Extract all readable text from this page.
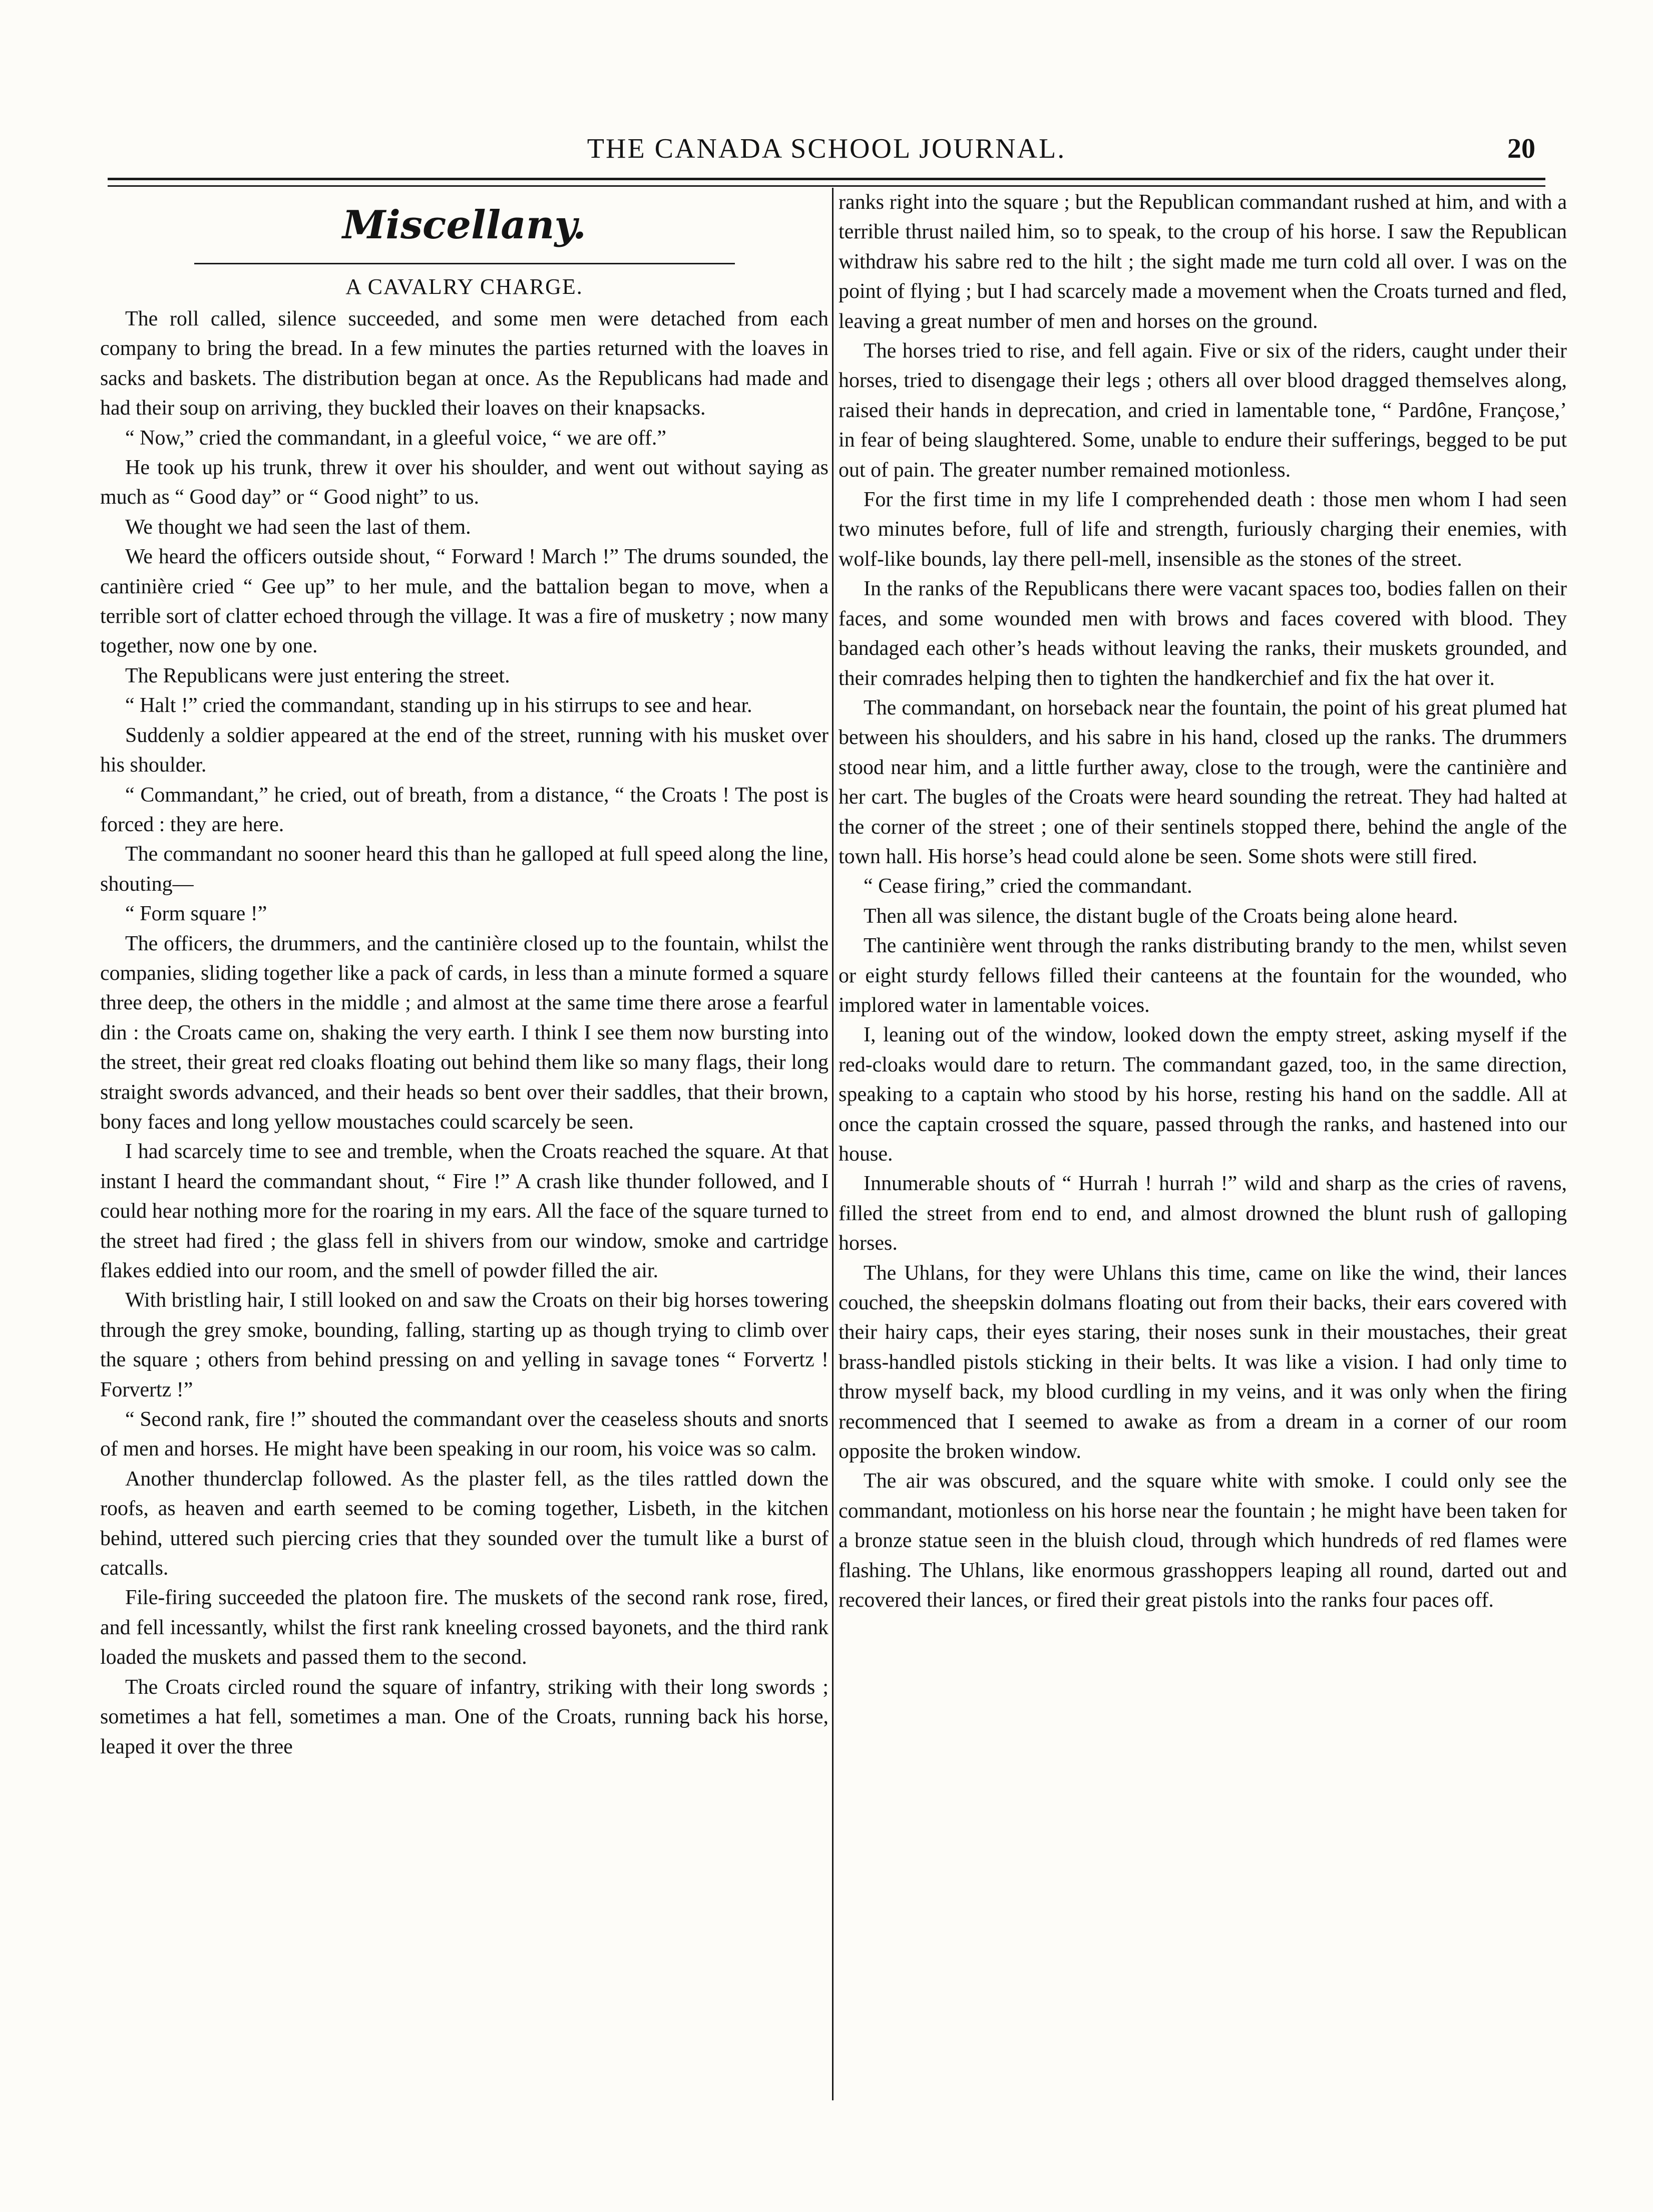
THE CANADA SCHOOL JOURNAL.	20
Miscellany.
A CAVALRY CHARGE.

The roll called, silence succeeded, and some men were detached from each company to bring the bread. In a few minutes the parties returned with the loaves in sacks and baskets. The distribution began at once. As the Republicans had made and had their soup on arriving, they buckled their loaves on their knapsacks.

“ Now,” cried the commandant, in a gleeful voice, “ we are off.”

He took up his trunk, threw it over his shoulder, and went out without saying as much as “ Good day” or “ Good night” to us.

We thought we had seen the last of them.

We heard the officers outside shout, “ Forward ! March !” The drums sounded, the cantinière cried “ Gee up” to her mule, and the battalion began to move, when a terrible sort of clatter echoed through the village. It was a fire of musketry ; now many together, now one by one.

The Republicans were just entering the street.

“ Halt !” cried the commandant, standing up in his stirrups to see and hear.

Suddenly a soldier appeared at the end of the street, running with his musket over his shoulder.

“ Commandant,” he cried, out of breath, from a distance, “ the Croats ! The post is forced : they are here.

The commandant no sooner heard this than he galloped at full speed along the line, shouting—

“ Form square !”

The officers, the drummers, and the cantinière closed up to the fountain, whilst the companies, sliding together like a pack of cards, in less than a minute formed a square three deep, the others in the middle ; and almost at the same time there arose a fearful din : the Croats came on, shaking the very earth. I think I see them now bursting into the street, their great red cloaks floating out behind them like so many flags, their long straight swords advanced, and their heads so bent over their saddles, that their brown, bony faces and long yellow moustaches could scarcely be seen.

I had scarcely time to see and tremble, when the Croats reached the square. At that instant I heard the commandant shout, “ Fire !” A crash like thunder followed, and I could hear nothing more for the roaring in my ears. All the face of the square turned to the street had fired ; the glass fell in shivers from our window, smoke and cartridge flakes eddied into our room, and the smell of powder filled the air.

With bristling hair, I still looked on and saw the Croats on their big horses towering through the grey smoke, bounding, falling, starting up as though trying to climb over the square ; others from behind pressing on and yelling in savage tones “ Forvertz ! Forvertz !”

“ Second rank, fire !” shouted the commandant over the ceaseless shouts and snorts of men and horses. He might have been speaking in our room, his voice was so calm.

Another thunderclap followed. As the plaster fell, as the tiles rattled down the roofs, as heaven and earth seemed to be coming together, Lisbeth, in the kitchen behind, uttered such piercing cries that they sounded over the tumult like a burst of catcalls.

File-firing succeeded the platoon fire. The muskets of the second rank rose, fired, and fell incessantly, whilst the first rank kneeling crossed bayonets, and the third rank loaded the muskets and passed them to the second.

The Croats circled round the square of infantry, striking with their long swords ; sometimes a hat fell, sometimes a man. One of the Croats, running back his horse, leaped it over the three

ranks right into the square ; but the Republican commandant rushed at him, and with a terrible thrust nailed him, so to speak, to the croup of his horse. I saw the Republican withdraw his sabre red to the hilt ; the sight made me turn cold all over. I was on the point of flying ; but I had scarcely made a movement when the Croats turned and fled, leaving a great number of men and horses on the ground.

The horses tried to rise, and fell again. Five or six of the riders, caught under their horses, tried to disengage their legs ; others all over blood dragged themselves along, raised their hands in deprecation, and cried in lamentable tone, “ Pardône, Françose,’ in fear of being slaughtered. Some, unable to endure their sufferings, begged to be put out of pain. The greater number remained motionless.

For the first time in my life I comprehended death : those men whom I had seen two minutes before, full of life and strength, furiously charging their enemies, with wolf-like bounds, lay there pell-mell, insensible as the stones of the street.

In the ranks of the Republicans there were vacant spaces too, bodies fallen on their faces, and some wounded men with brows and faces covered with blood. They bandaged each other’s heads without leaving the ranks, their muskets grounded, and their comrades helping then to tighten the handkerchief and fix the hat over it.

The commandant, on horseback near the fountain, the point of his great plumed hat between his shoulders, and his sabre in his hand, closed up the ranks. The drummers stood near him, and a little further away, close to the trough, were the cantinière and her cart. The bugles of the Croats were heard sounding the retreat. They had halted at the corner of the street ; one of their sentinels stopped there, behind the angle of the town hall. His horse’s head could alone be seen. Some shots were still fired.

“ Cease firing,” cried the commandant.

Then all was silence, the distant bugle of the Croats being alone heard.

The cantinière went through the ranks distributing brandy to the men, whilst seven or eight sturdy fellows filled their canteens at the fountain for the wounded, who implored water in lamentable voices.

I, leaning out of the window, looked down the empty street, asking myself if the red-cloaks would dare to return. The commandant gazed, too, in the same direction, speaking to a captain who stood by his horse, resting his hand on the saddle. All at once the captain crossed the square, passed through the ranks, and hastened into our house.

Innumerable shouts of “ Hurrah ! hurrah !” wild and sharp as the cries of ravens, filled the street from end to end, and almost drowned the blunt rush of galloping horses.

The Uhlans, for they were Uhlans this time, came on like the wind, their lances couched, the sheepskin dolmans floating out from their backs, their ears covered with their hairy caps, their eyes staring, their noses sunk in their moustaches, their great brass-handled pistols sticking in their belts. It was like a vision. I had only time to throw myself back, my blood curdling in my veins, and it was only when the firing recommenced that I seemed to awake as from a dream in a corner of our room opposite the broken window.

The air was obscured, and the square white with smoke. I could only see the commandant, motionless on his horse near the fountain ; he might have been taken for a bronze statue seen in the bluish cloud, through which hundreds of red flames were flashing. The Uhlans, like enormous grasshoppers leaping all round, darted out and recovered their lances, or fired their great pistols into the ranks four paces off.
